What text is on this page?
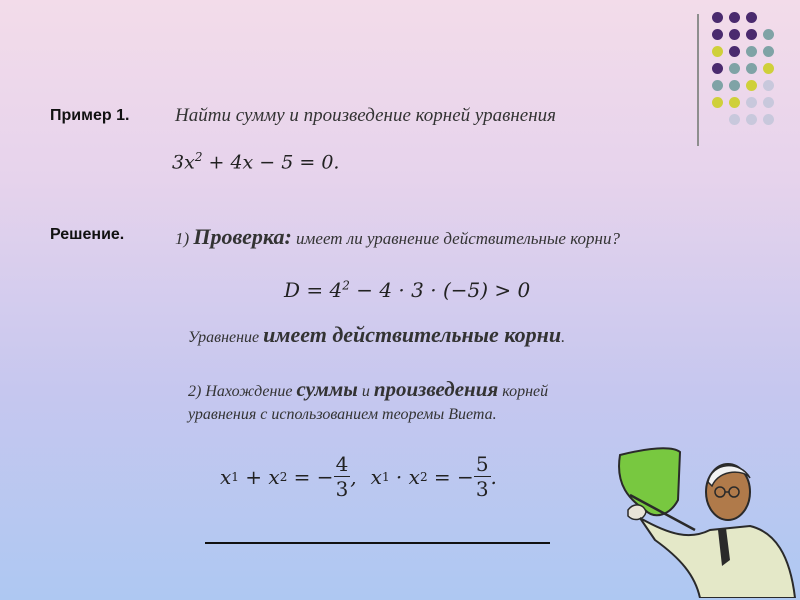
Пример 1. Найти сумму и произведение корней уравнения
$3x^2 + 4x - 5 = 0$.
Решение.	1) Проверка: имеет ли уравнение действительные корни?
$D = 4^2 - 4 \cdot 3 \cdot (-5) > 0$
Уравнение имеет действительные корни.
2) Нахождение суммы и произведения корней
уравнения с использованием теоремы Виета.
x 1 + x 2 = − $\frac{4}{3}$ , x 1 · x 2 = − $\frac{5}{3}$ .
